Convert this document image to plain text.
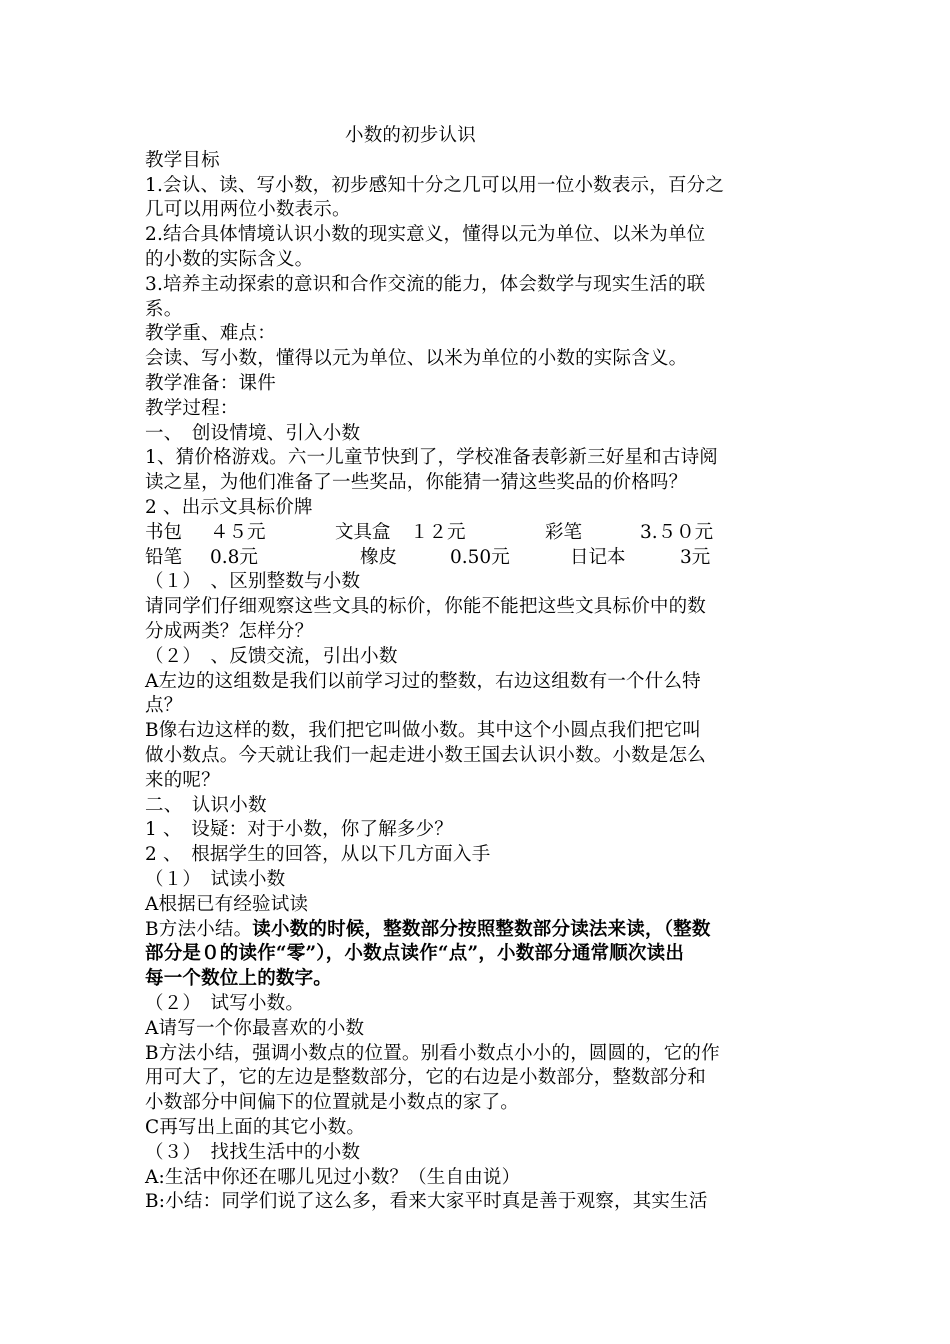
小数的初步认识
教学目标
1.会认、读、写小数，初步感知十分之几可以用一位小数表示，百分之
几可以用两位小数表示。
2.结合具体情境认识小数的现实意义，懂得以元为单位、以米为单位
的小数的实际含义。
3.培养主动探索的意识和合作交流的能力，体会数学与现实生活的联
系。
教学重、难点：
会读、写小数，懂得以元为单位、以米为单位的小数的实际含义。
教学准备：课件
教学过程：
一、　创设情境、引入小数
1、猜价格游戏。六一儿童节快到了，学校准备表彰新三好星和古诗阅
读之星，为他们准备了一些奖品，你能猜一猜这些奖品的价格吗？
2 、出示文具标价牌
书包 ４５元	文具盒 １２元	彩笔	3.５０元
铅笔 0.8元	橡皮	0.50元	日记本	3元
（１）　、区别整数与小数
请同学们仔细观察这些文具的标价，你能不能把这些文具标价中的数
分成两类？怎样分？
（２）　、反馈交流，引出小数
A左边的这组数是我们以前学习过的整数，右边这组数有一个什么特
点？
B像右边这样的数，我们把它叫做小数。其中这个小圆点我们把它叫
做小数点。今天就让我们一起走进小数王国去认识小数。小数是怎么
来的呢？
二、　认识小数
1 、　设疑：对于小数，你了解多少？
2 、　根据学生的回答，从以下几方面入手
（１）　试读小数
A根据已有经验试读
B方法小结。读小数的时候，整数部分按照整数部分读法来读，（整数
部分是０的读作“零”），小数点读作“点”，小数部分通常顺次读出
每一个数位上的数字。
（２）　试写小数。
A请写一个你最喜欢的小数
B方法小结，强调小数点的位置。别看小数点小小的，圆圆的，它的作
用可大了，它的左边是整数部分，它的右边是小数部分，整数部分和
小数部分中间偏下的位置就是小数点的家了。
C再写出上面的其它小数。
（３）　找找生活中的小数
A:生活中你还在哪儿见过小数？（生自由说）
B:小结：同学们说了这么多，看来大家平时真是善于观察，其实生活
